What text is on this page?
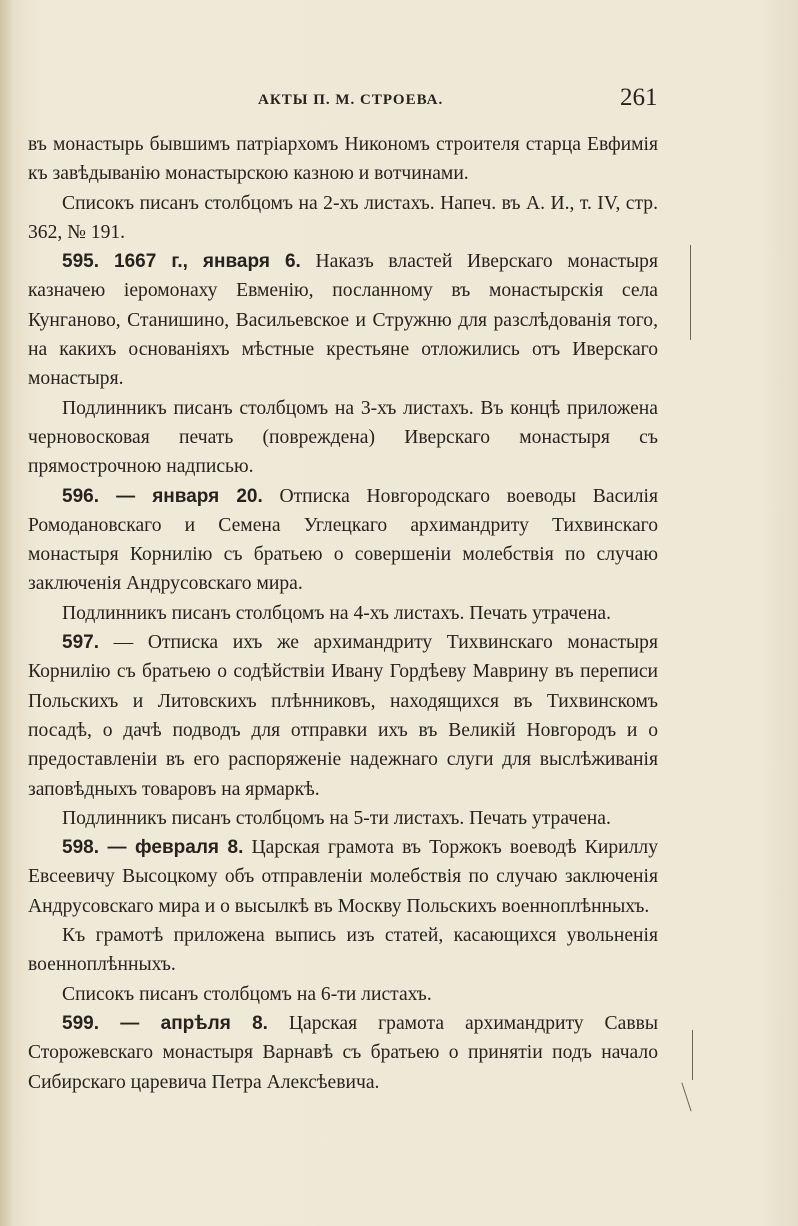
АКТЫ П. М. СТРОЕВА.	261

въ монастырь бывшимъ патріархомъ Никономъ строителя старца Евфимія къ завѣдыванію монастырскою казною и вотчинами.

Списокъ писанъ столбцомъ на 2-хъ листахъ. Напеч. въ А. И., т. IV, стр. 362, № 191.

595. 1667 г., января 6. Наказъ властей Иверскаго монастыря казначею іеромонаху Евменію, посланному въ монастырскія села Кунганово, Станишино, Васильевское и Стружню для разслѣдованія того, на какихъ основаніяхъ мѣстные крестьяне отложились отъ Иверскаго монастыря.

Подлинникъ писанъ столбцомъ на 3-хъ листахъ. Въ концѣ приложена черновосковая печать (повреждена) Иверскаго монастыря съ прямострочною надписью.

596. — января 20. Отписка Новгородскаго воеводы Василія Ромодановскаго и Семена Углецкаго архимандриту Тихвинскаго монастыря Корнилію съ братьею о совершеніи молебствія по случаю заключенія Андрусовскаго мира.

Подлинникъ писанъ столбцомъ на 4-хъ листахъ. Печать утрачена.

597. — Отписка ихъ же архимандриту Тихвинскаго монастыря Корнилію съ братьею о содѣйствіи Ивану Гордѣеву Маврину въ переписи Польскихъ и Литовскихъ плѣнниковъ, находящихся въ Тихвинскомъ посадѣ, о дачѣ подводъ для отправки ихъ въ Великій Новгородъ и о предоставленіи въ его распоряженіе надежнаго слуги для выслѣживанія заповѣдныхъ товаровъ на ярмаркѣ.

Подлинникъ писанъ столбцомъ на 5-ти листахъ. Печать утрачена.

598. — февраля 8. Царская грамота въ Торжокъ воеводѣ Кириллу Евсеевичу Высоцкому объ отправленіи молебствія по случаю заключенія Андрусовскаго мира и о высылкѣ въ Москву Польскихъ военноплѣнныхъ.

Къ грамотѣ приложена выпись изъ статей, касающихся увольненія военноплѣнныхъ.

Списокъ писанъ столбцомъ на 6-ти листахъ.

599. — апрѣля 8. Царская грамота архимандриту Саввы Сторожевскаго монастыря Варнавѣ съ братьею о принятіи подъ начало Сибирскаго царевича Петра Алексѣевича.
